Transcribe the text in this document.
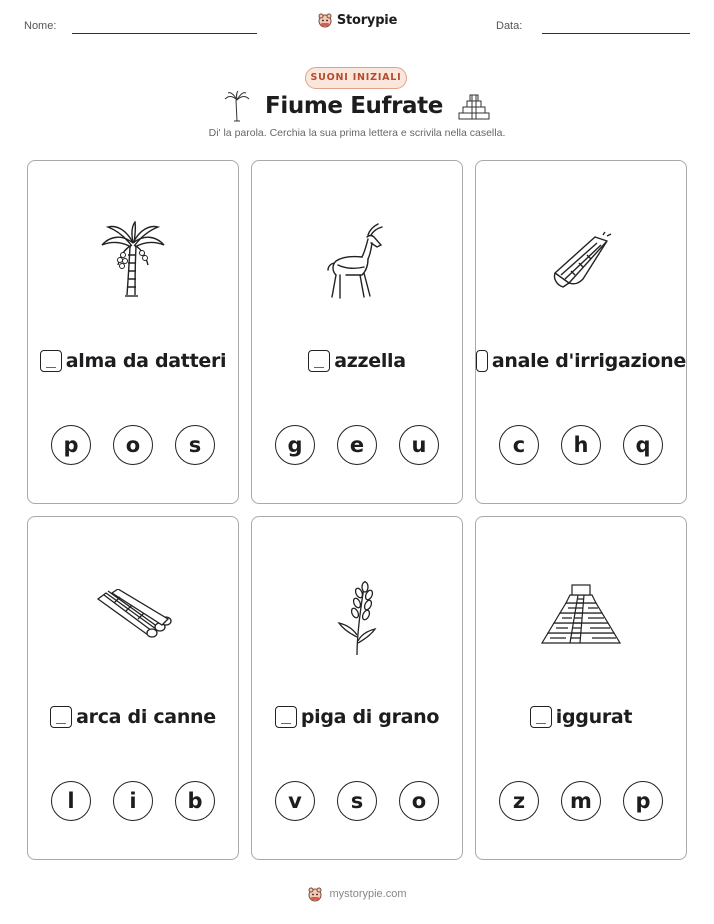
Nome:	Data:
Storypie
SUONI INIZIALI
Fiume Eufrate
Di' la parola. Cerchia la sua prima lettera e scrivila nella casella.
alma da datteri
p	o	s
azzella
g	e	u
anale d'irrigazione
c	h	q
arca di canne
l	i	b
piga di grano
v	s	o
iggurat
z	m	p
mystorypie.com
